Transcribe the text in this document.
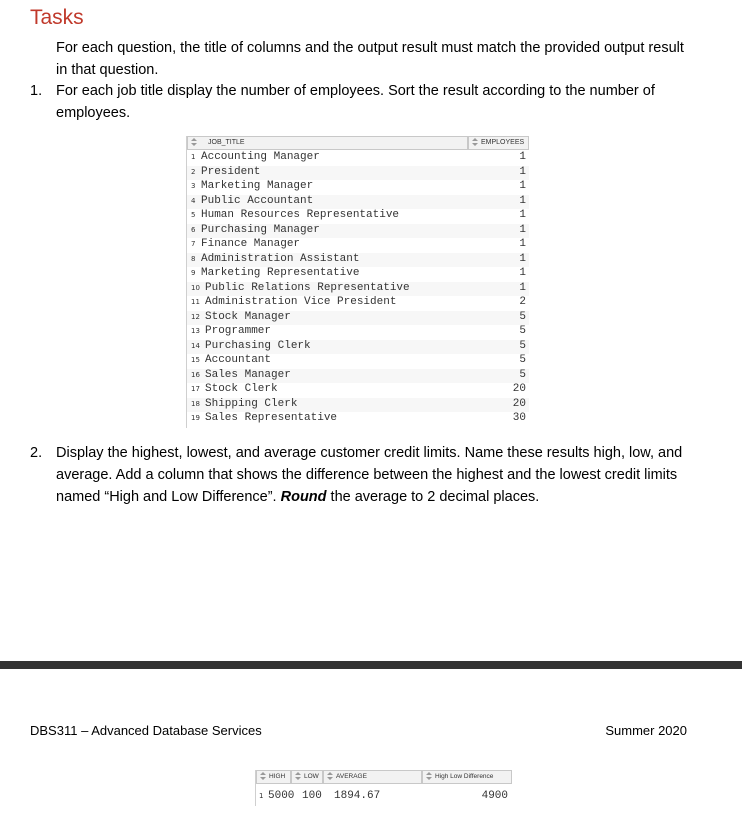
Tasks
For each question, the title of columns and the output result must match the provided output result in that question.
1. For each job title display the number of employees. Sort the result according to the number of employees.
JOB_TITLE	EMPLOYEES
1 Accounting Manager	1
2 President	1
3 Marketing Manager	1
4 Public Accountant	1
5 Human Resources Representative	1
6 Purchasing Manager	1
7 Finance Manager	1
8 Administration Assistant	1
9 Marketing Representative	1
10 Public Relations Representative	1
11 Administration Vice President	2
12 Stock Manager	5
13 Programmer	5
14 Purchasing Clerk	5
15 Accountant	5
16 Sales Manager	5
17 Stock Clerk	20
18 Shipping Clerk	20
19 Sales Representative	30
2. Display the highest, lowest, and average customer credit limits. Name these results high, low, and average. Add a column that shows the difference between the highest and the lowest credit limits named “High and Low Difference”. Round the average to 2 decimal places.
DBS311 – Advanced Database Services	Summer 2020
HIGH	LOW	AVERAGE	High Low Difference
1 5000 100 1894.67	4900
